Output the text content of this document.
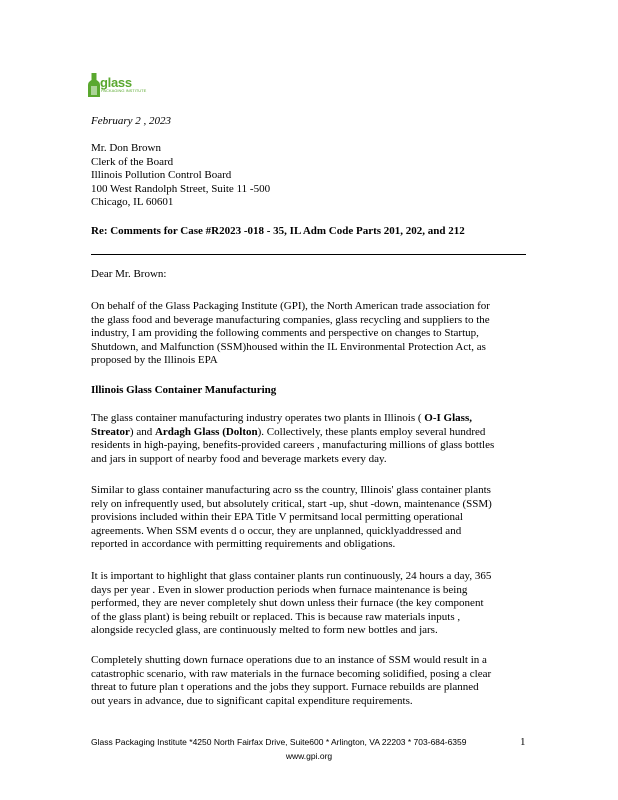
glass
PACKAGING INSTITUTE
February 2 , 2023
Mr. Don Brown
Clerk of the Board
Illinois Pollution Control Board
100 West Randolph Street, Suite 11 -500
Chicago, IL 60601
Re: Comments for Case #R2023 -018 - 35, IL Adm Code Parts 201, 202, and 212
Dear Mr. Brown:
On behalf of the Glass Packaging Institute (GPI), the North American trade association for
the glass food and beverage manufacturing companies, glass recycling and suppliers to the
industry, I am providing the following comments and perspective on changes to Startup,
Shutdown, and Malfunction (SSM)housed within the IL Environmental Protection Act, as
proposed by the Illinois EPA
Illinois Glass Container Manufacturing
The glass container manufacturing industry operates two plants in Illinois ( O-I Glass,
Streator) and Ardagh Glass (Dolton). Collectively, these plants employ several hundred
residents in high-paying, benefits-provided careers , manufacturing millions of glass bottles
and jars in support of nearby food and beverage markets every day.
Similar to glass container manufacturing acro ss the country, Illinois' glass container plants
rely on infrequently used, but absolutely critical, start -up, shut -down, maintenance (SSM)
provisions included within their EPA Title V permitsand local permitting operational
agreements. When SSM events d o occur, they are unplanned, quicklyaddressed and
reported in accordance with permitting requirements and obligations.
It is important to highlight that glass container plants run continuously, 24 hours a day, 365
days per year . Even in slower production periods when furnace maintenance is being
performed, they are never completely shut down unless their furnace (the key component
of the glass plant) is being rebuilt or replaced. This is because raw materials inputs ,
alongside recycled glass, are continuously melted to form new bottles and jars.
Completely shutting down furnace operations due to an instance of SSM would result in a
catastrophic scenario, with raw materials in the furnace becoming solidified, posing a clear
threat to future plan t operations and the jobs they support. Furnace rebuilds are planned
out years in advance, due to significant capital expenditure requirements.
Glass Packaging Institute *4250 North Fairfax Drive, Suite600 * Arlington, VA 22203 * 703-684-6359	1
www.gpi.org
